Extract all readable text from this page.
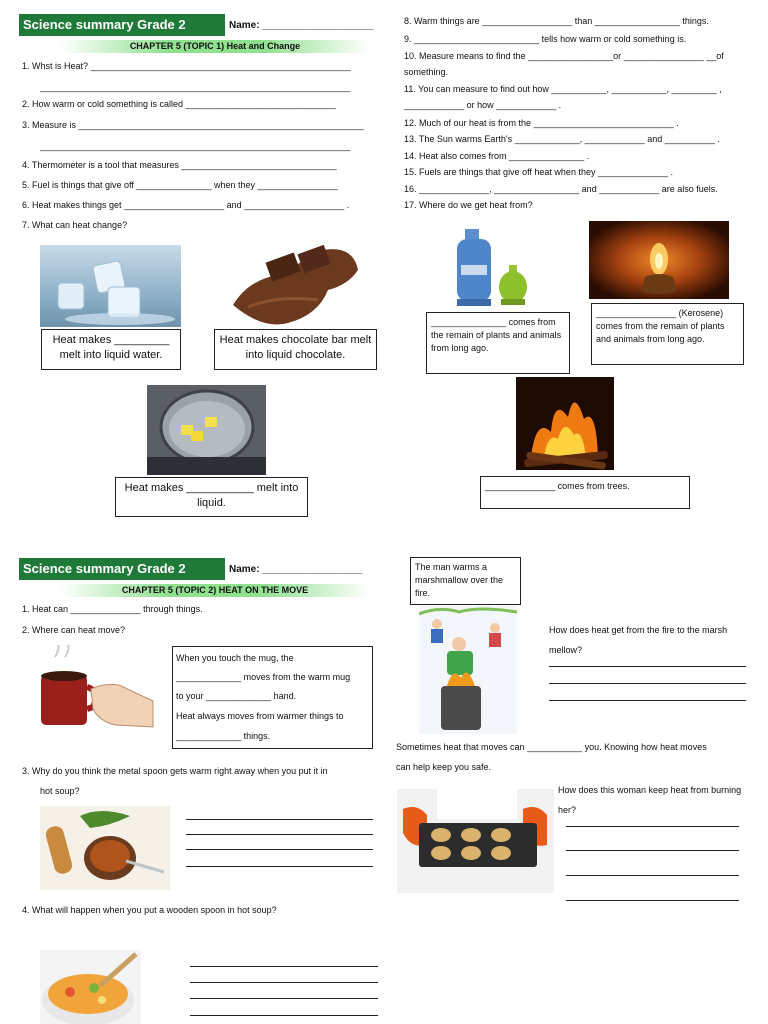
Science summary Grade 2	Name: ____________________
CHAPTER 5 (TOPIC 1) Heat and Change
1. Whst is Heat? ____________________________________________________
______________________________________________________________
2. How warm or cold something is called ______________________________
3. Measure is _________________________________________________________
______________________________________________________________
4. Thermometer is a tool that measures _______________________________
5. Fuel is things that give off _______________ when they ________________
6. Heat makes things get ____________________ and ____________________ .
7. What can heat change?
Heat makes _________ melt into liquid water.
Heat makes chocolate bar melt into liquid chocolate.
Heat makes ___________ melt into liquid.
8. Warm things are __________________ than _________________ things.
9. _________________________ tells how warm or cold something is.
10. Measure means to find the _________________or ________________ __of
something.
11. You can measure to find out how ___________, ___________, _________ ,
____________ or how ____________ .
12. Much of our heat is from the ____________________________ .
13. The Sun warms Earth's _____________, ____________ and __________ .
14. Heat also comes from _______________ .
15. Fuels are things that give off heat when they ______________ .
16. ______________, _________________ and ____________ are also fuels.
17. Where do we get heat from?
_______________ comes from the remain of plants and animals from long ago.
________________ (Kerosene) comes from the remain of plants and animals from long ago.
______________ comes from trees.
Science summary Grade 2	Name: __________________
CHAPTER 5 (TOPIC 2) HEAT ON THE MOVE
1. Heat can ______________ through things.
2. Where can heat move?
When you touch the mug, the
_____________ moves from the warm mug
to your _____________ hand.
Heat always moves from warmer things to
_____________ things.
3. Why do you think the metal spoon gets warm right away when you put it in
hot soup?
4. What will happen when you put a wooden spoon in hot soup?
The man warms a marshmallow over the fire.
How does heat get from the fire to the marsh mellow?
Sometimes heat that moves can ___________ you. Knowing how heat moves
can help keep you safe.
How does this woman keep heat from burning her?
